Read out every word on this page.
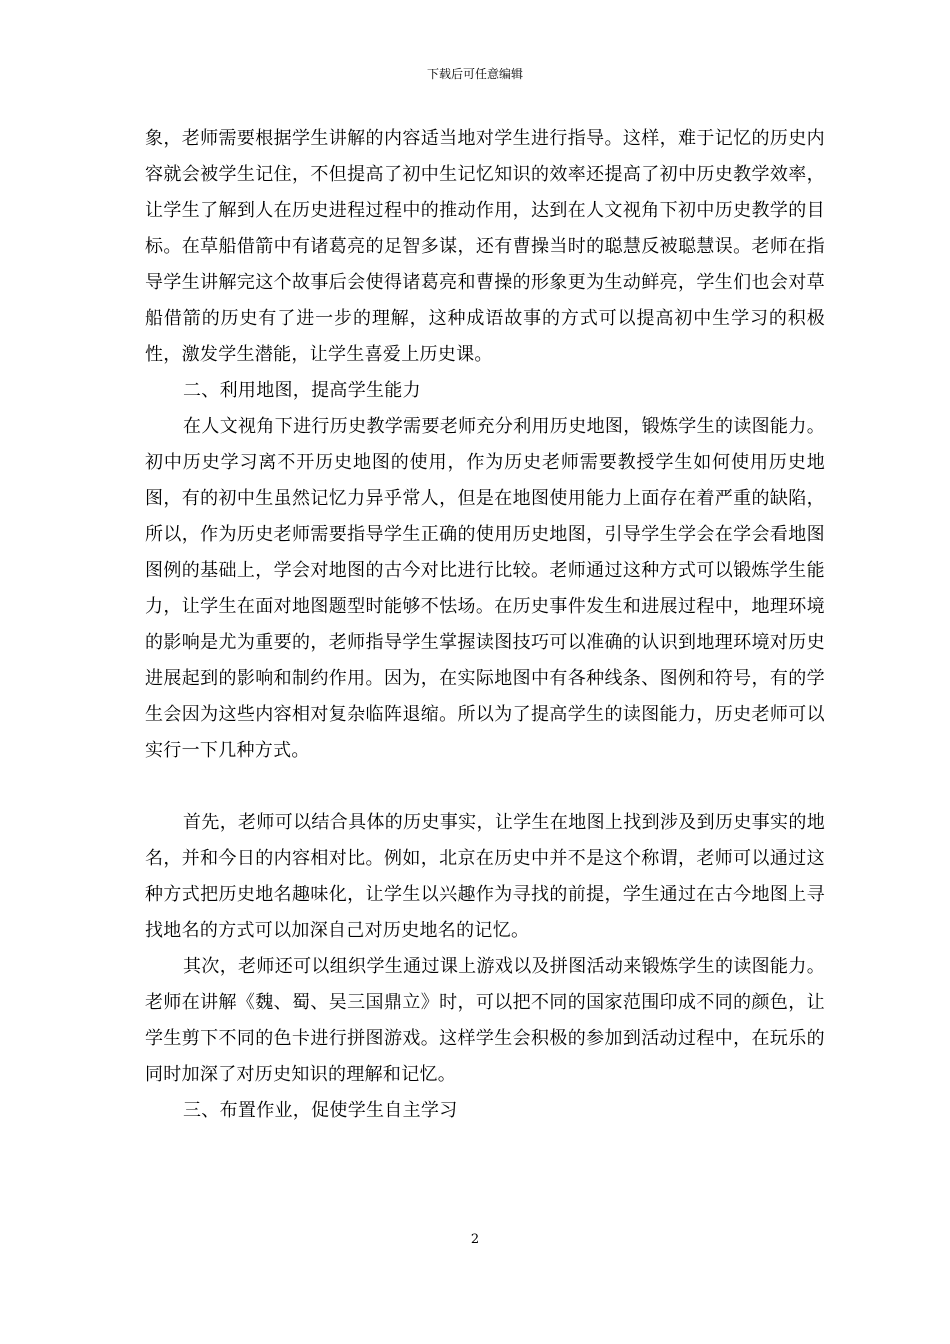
下载后可任意编辑

象，老师需要根据学生讲解的内容适当地对学生进行指导。这样，难于记忆的历史内容就会被学生记住，不但提高了初中生记忆知识的效率还提高了初中历史教学效率，让学生了解到人在历史进程过程中的推动作用，达到在人文视角下初中历史教学的目标。在草船借箭中有诸葛亮的足智多谋，还有曹操当时的聪慧反被聪慧误。老师在指导学生讲解完这个故事后会使得诸葛亮和曹操的形象更为生动鲜亮，学生们也会对草船借箭的历史有了进一步的理解，这种成语故事的方式可以提高初中生学习的积极性，激发学生潜能，让学生喜爱上历史课。

二、利用地图，提高学生能力

在人文视角下进行历史教学需要老师充分利用历史地图，锻炼学生的读图能力。初中历史学习离不开历史地图的使用，作为历史老师需要教授学生如何使用历史地图，有的初中生虽然记忆力异乎常人，但是在地图使用能力上面存在着严重的缺陷，所以，作为历史老师需要指导学生正确的使用历史地图，引导学生学会在学会看地图图例的基础上，学会对地图的古今对比进行比较。老师通过这种方式可以锻炼学生能力，让学生在面对地图题型时能够不怯场。在历史事件发生和进展过程中，地理环境的影响是尤为重要的，老师指导学生掌握读图技巧可以准确的认识到地理环境对历史进展起到的影响和制约作用。因为，在实际地图中有各种线条、图例和符号，有的学生会因为这些内容相对复杂临阵退缩。所以为了提高学生的读图能力，历史老师可以实行一下几种方式。

首先，老师可以结合具体的历史事实，让学生在地图上找到涉及到历史事实的地名，并和今日的内容相对比。例如，北京在历史中并不是这个称谓，老师可以通过这种方式把历史地名趣味化，让学生以兴趣作为寻找的前提，学生通过在古今地图上寻找地名的方式可以加深自己对历史地名的记忆。

其次，老师还可以组织学生通过课上游戏以及拼图活动来锻炼学生的读图能力。老师在讲解《魏、蜀、吴三国鼎立》时，可以把不同的国家范围印成不同的颜色，让学生剪下不同的色卡进行拼图游戏。这样学生会积极的参加到活动过程中，在玩乐的同时加深了对历史知识的理解和记忆。

三、布置作业，促使学生自主学习

2
